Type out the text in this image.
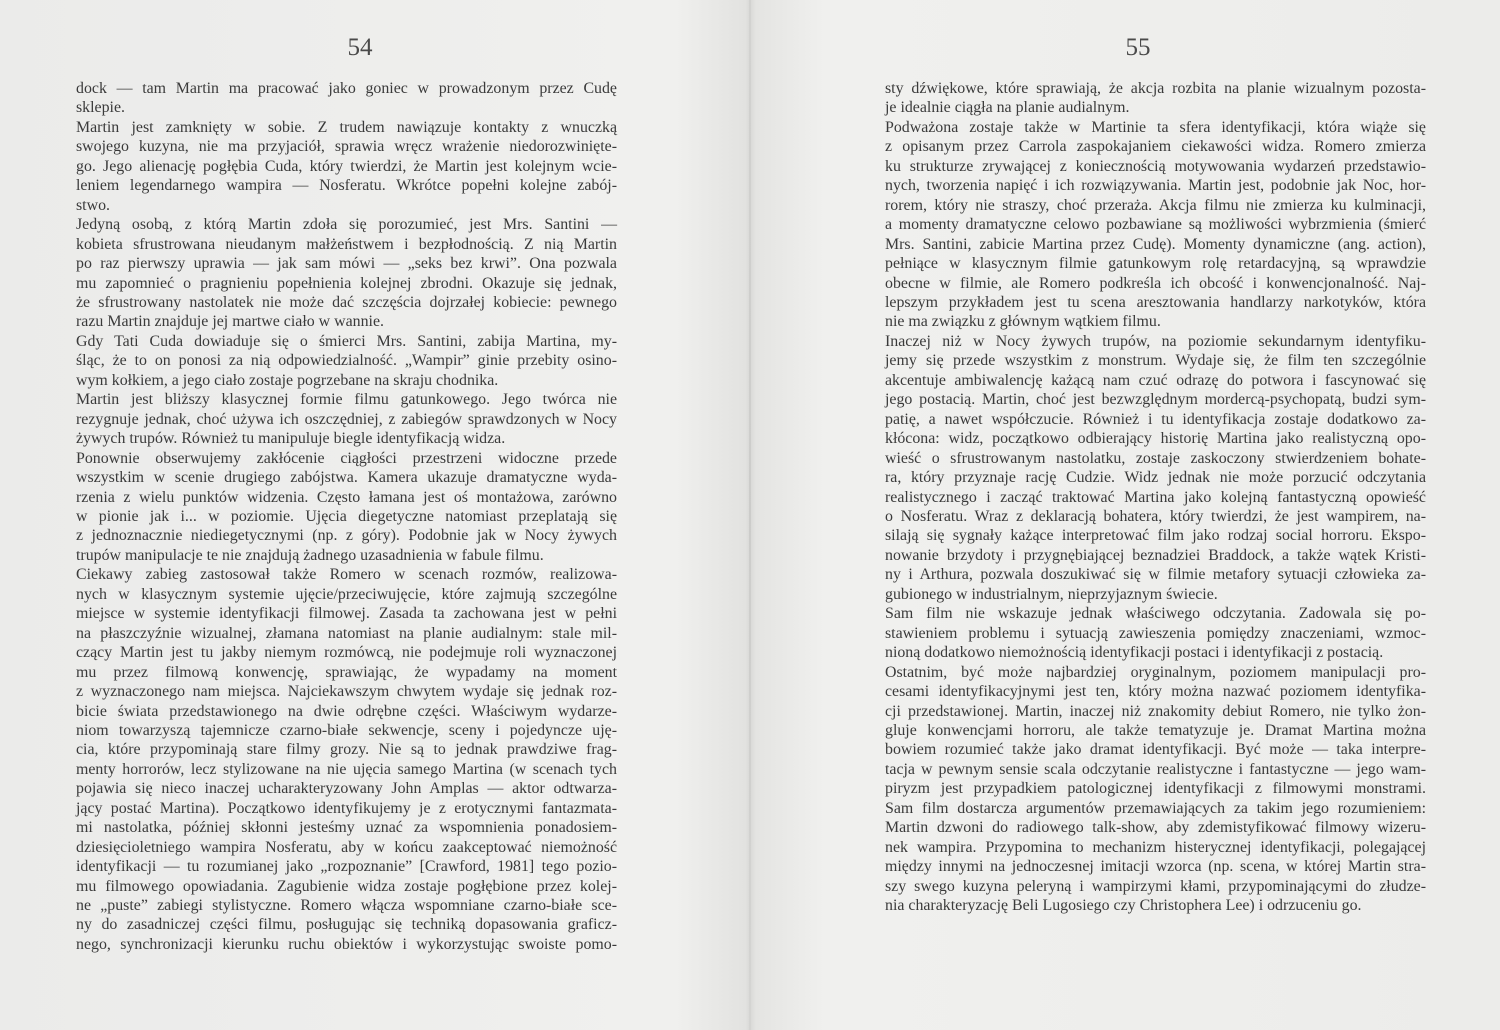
54
dock — tam Martin ma pracować jako goniec w prowadzonym przez Cudę
sklepie.
Martin jest zamknięty w sobie. Z trudem nawiązuje kontakty z wnuczką
swojego kuzyna, nie ma przyjaciół, sprawia wręcz wrażenie niedorozwinięte-
go. Jego alienację pogłębia Cuda, który twierdzi, że Martin jest kolejnym wcie-
leniem legendarnego wampira — Nosferatu. Wkrótce popełni kolejne zabój-
stwo.
Jedyną osobą, z którą Martin zdoła się porozumieć, jest Mrs. Santini —
kobieta sfrustrowana nieudanym małżeństwem i bezpłodnością. Z nią Martin
po raz pierwszy uprawia — jak sam mówi — „seks bez krwi”. Ona pozwala
mu zapomnieć o pragnieniu popełnienia kolejnej zbrodni. Okazuje się jednak,
że sfrustrowany nastolatek nie może dać szczęścia dojrzałej kobiecie: pewnego
razu Martin znajduje jej martwe ciało w wannie.
Gdy Tati Cuda dowiaduje się o śmierci Mrs. Santini, zabija Martina, my-
śląc, że to on ponosi za nią odpowiedzialność. „Wampir” ginie przebity osino-
wym kołkiem, a jego ciało zostaje pogrzebane na skraju chodnika.
Martin jest bliższy klasycznej formie filmu gatunkowego. Jego twórca nie
rezygnuje jednak, choć używa ich oszczędniej, z zabiegów sprawdzonych w Nocy
żywych trupów. Również tu manipuluje biegle identyfikacją widza.
Ponownie obserwujemy zakłócenie ciągłości przestrzeni widoczne przede
wszystkim w scenie drugiego zabójstwa. Kamera ukazuje dramatyczne wyda-
rzenia z wielu punktów widzenia. Często łamana jest oś montażowa, zarówno
w pionie jak i... w poziomie. Ujęcia diegetyczne natomiast przeplatają się
z jednoznacznie niediegetycznymi (np. z góry). Podobnie jak w Nocy żywych
trupów manipulacje te nie znajdują żadnego uzasadnienia w fabule filmu.
Ciekawy zabieg zastosował także Romero w scenach rozmów, realizowa-
nych w klasycznym systemie ujęcie/przeciwujęcie, które zajmują szczególne
miejsce w systemie identyfikacji filmowej. Zasada ta zachowana jest w pełni
na płaszczyźnie wizualnej, złamana natomiast na planie audialnym: stale mil-
czący Martin jest tu jakby niemym rozmówcą, nie podejmuje roli wyznaczonej
mu przez filmową konwencję, sprawiając, że wypadamy na moment
z wyznaczonego nam miejsca. Najciekawszym chwytem wydaje się jednak roz-
bicie świata przedstawionego na dwie odrębne części. Właściwym wydarze-
niom towarzyszą tajemnicze czarno-białe sekwencje, sceny i pojedyncze uję-
cia, które przypominają stare filmy grozy. Nie są to jednak prawdziwe frag-
menty horrorów, lecz stylizowane na nie ujęcia samego Martina (w scenach tych
pojawia się nieco inaczej ucharakteryzowany John Amplas — aktor odtwarza-
jący postać Martina). Początkowo identyfikujemy je z erotycznymi fantazmata-
mi nastolatka, później skłonni jesteśmy uznać za wspomnienia ponadosiem-
dziesięcioletniego wampira Nosferatu, aby w końcu zaakceptować niemożność
identyfikacji — tu rozumianej jako „rozpoznanie” [Crawford, 1981] tego pozio-
mu filmowego opowiadania. Zagubienie widza zostaje pogłębione przez kolej-
ne „puste” zabiegi stylistyczne. Romero włącza wspomniane czarno-białe sce-
ny do zasadniczej części filmu, posługując się techniką dopasowania graficz-
nego, synchronizacji kierunku ruchu obiektów i wykorzystując swoiste pomo-
55
sty dźwiękowe, które sprawiają, że akcja rozbita na planie wizualnym pozosta-
je idealnie ciągła na planie audialnym.
Podważona zostaje także w Martinie ta sfera identyfikacji, która wiąże się
z opisanym przez Carrola zaspokajaniem ciekawości widza. Romero zmierza
ku strukturze zrywającej z koniecznością motywowania wydarzeń przedstawio-
nych, tworzenia napięć i ich rozwiązywania. Martin jest, podobnie jak Noc, hor-
rorem, który nie straszy, choć przeraża. Akcja filmu nie zmierza ku kulminacji,
a momenty dramatyczne celowo pozbawiane są możliwości wybrzmienia (śmierć
Mrs. Santini, zabicie Martina przez Cudę). Momenty dynamiczne (ang. action),
pełniące w klasycznym filmie gatunkowym rolę retardacyjną, są wprawdzie
obecne w filmie, ale Romero podkreśla ich obcość i konwencjonalność. Naj-
lepszym przykładem jest tu scena aresztowania handlarzy narkotyków, która
nie ma związku z głównym wątkiem filmu.
Inaczej niż w Nocy żywych trupów, na poziomie sekundarnym identyfiku-
jemy się przede wszystkim z monstrum. Wydaje się, że film ten szczególnie
akcentuje ambiwalencję każącą nam czuć odrazę do potwora i fascynować się
jego postacią. Martin, choć jest bezwzględnym mordercą-psychopatą, budzi sym-
patię, a nawet współczucie. Również i tu identyfikacja zostaje dodatkowo za-
kłócona: widz, początkowo odbierający historię Martina jako realistyczną opo-
wieść o sfrustrowanym nastolatku, zostaje zaskoczony stwierdzeniem bohate-
ra, który przyznaje rację Cudzie. Widz jednak nie może porzucić odczytania
realistycznego i zacząć traktować Martina jako kolejną fantastyczną opowieść
o Nosferatu. Wraz z deklaracją bohatera, który twierdzi, że jest wampirem, na-
silają się sygnały każące interpretować film jako rodzaj social horroru. Ekspo-
nowanie brzydoty i przygnębiającej beznadziei Braddock, a także wątek Kristi-
ny i Arthura, pozwala doszukiwać się w filmie metafory sytuacji człowieka za-
gubionego w industrialnym, nieprzyjaznym świecie.
Sam film nie wskazuje jednak właściwego odczytania. Zadowala się po-
stawieniem problemu i sytuacją zawieszenia pomiędzy znaczeniami, wzmoc-
nioną dodatkowo niemożnością identyfikacji postaci i identyfikacji z postacią.
Ostatnim, być może najbardziej oryginalnym, poziomem manipulacji pro-
cesami identyfikacyjnymi jest ten, który można nazwać poziomem identyfika-
cji przedstawionej. Martin, inaczej niż znakomity debiut Romero, nie tylko żon-
gluje konwencjami horroru, ale także tematyzuje je. Dramat Martina można
bowiem rozumieć także jako dramat identyfikacji. Być może — taka interpre-
tacja w pewnym sensie scala odczytanie realistyczne i fantastyczne — jego wam-
piryzm jest przypadkiem patologicznej identyfikacji z filmowymi monstrami.
Sam film dostarcza argumentów przemawiających za takim jego rozumieniem:
Martin dzwoni do radiowego talk-show, aby zdemistyfikować filmowy wizeru-
nek wampira. Przypomina to mechanizm histerycznej identyfikacji, polegającej
między innymi na jednoczesnej imitacji wzorca (np. scena, w której Martin stra-
szy swego kuzyna peleryną i wampirzymi kłami, przypominającymi do złudze-
nia charakteryzację Beli Lugosiego czy Christophera Lee) i odrzuceniu go.
